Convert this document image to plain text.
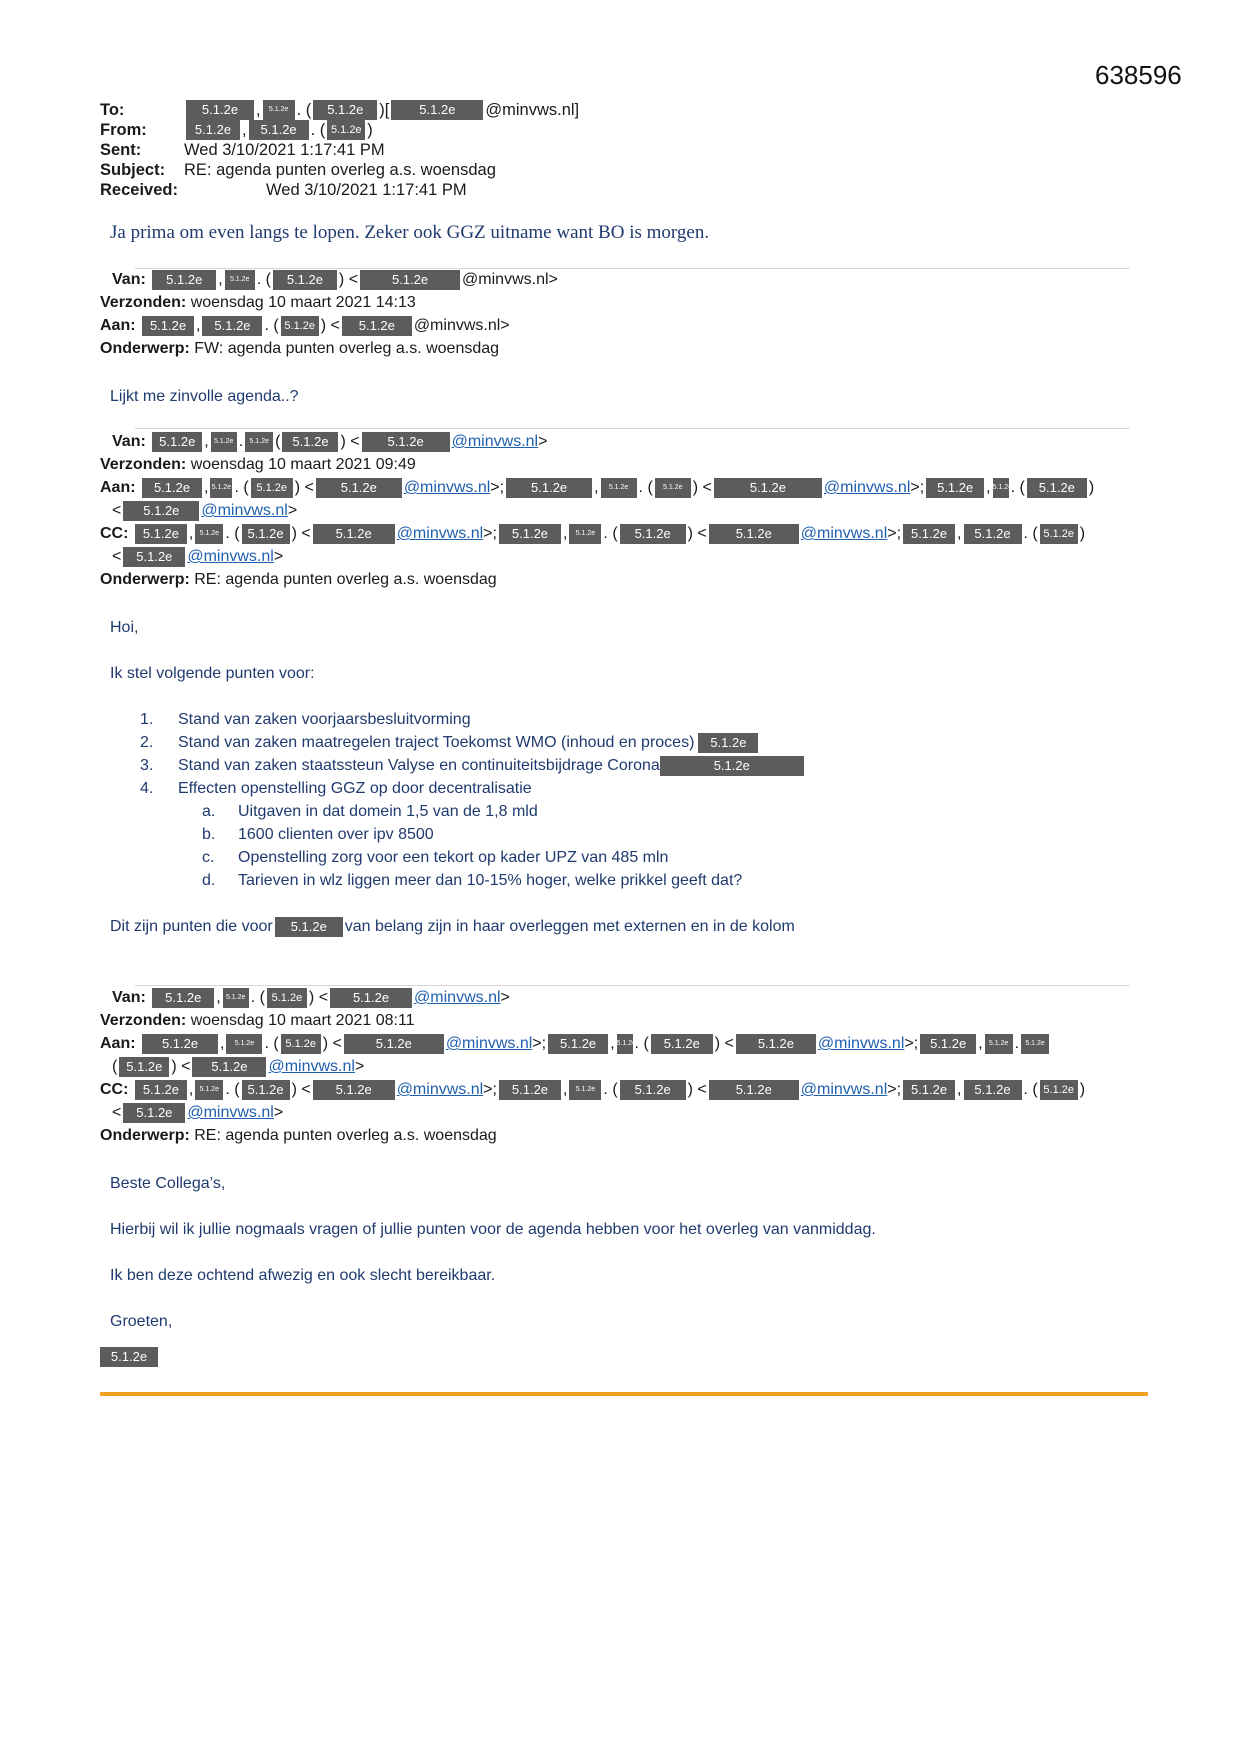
638596
To:	5.1.2e	,	5.1.2e . (	5.1.2e )[	5.1.2e	@minvws.nl]
From:	5.1.2e ,	5.1.2e . ( 5.1.2e )
Sent:	Wed 3/10/2021 1:17:41 PM
Subject:	RE: agenda punten overleg a.s. woensdag
Received:	Wed 3/10/2021 1:17:41 PM
Ja prima om even langs te lopen. Zeker ook GGZ uitname want BO is morgen.
Van:
	5.1.2e ,	5.1.2e . (	5.1.2e ) <	5.1.2e	@minvws.nl >
Verzonden:
woensdag 10 maart 2021 14:13
Aan:
	5.1.2e ,	5.1.2e . ( 5.1.2e ) <	5.1.2e	@minvws.nl >
Onderwerp:
FW: agenda punten overleg a.s. woensdag
Lijkt me zinvolle agenda..?
Van:
	5.1.2e , 5.1.2e . 5.1.2e ( 5.1.2e ) <	5.1.2e	@minvws.nl >
Verzonden:
woensdag 10 maart 2021 09:49
Aan:
	5.1.2e , 5.1.2e . ( 5.1.2e ) <	5.1.2e	@minvws.nl >;	5.1.2e	,	5.1.2e . (	5.1.2e ) <	5.1.2e	@minvws.nl >; 5.1.2e , 5.1.2e
. (	5.1.2e )
<	5.1.2e	@minvws.nl >
CC:
	5.1.2e , 5.1.2e . ( 5.1.2e ) <	5.1.2e	@minvws.nl >;	5.1.2e ,	5.1.2e . (	5.1.2e	) <	5.1.2e	@minvws.nl >; 5.1.2e , 5.1.2e . ( 5.1.2e )
<	5.1.2e @minvws.nl >
Onderwerp:
RE: agenda punten overleg a.s. woensdag
Hoi,
Ik stel volgende punten voor:
1.	Stand van zaken voorjaarsbesluitvorming
2.	Stand van zaken maatregelen traject Toekomst WMO (inhoud en proces)	5.1.2e
3.	Stand van zaken staatssteun Valyse en continuiteitsbijdrage Corona	5.1.2e
4.	Effecten openstelling GGZ op door decentralisatie
a.	Uitgaven in dat domein 1,5 van de 1,8 mld
b.	1600 clienten over ipv 8500
c.	Openstelling zorg voor een tekort op kader UPZ van 485 mln
d.	Tarieven in wlz liggen meer dan 10-15% hoger, welke prikkel geeft dat?
Dit zijn punten die voor	5.1.2e	van belang zijn in haar overleggen met externen en in de kolom
Van:
	5.1.2e , 5.1.2e . ( 5.1.2e ) <	5.1.2e	@minvws.nl >
Verzonden:
woensdag 10 maart 2021 08:11
Aan:
	5.1.2e	,	5.1.2e . ( 5.1.2e ) <	5.1.2e	@minvws.nl >;	5.1.2e , 5.1.2e
. (	5.1.2e ) <	5.1.2e	@minvws.nl >; 5.1.2e , 5.1.2e . 5.1.2e
( 5.1.2e ) <	5.1.2e	@minvws.nl >
CC:
	5.1.2e , 5.1.2e . ( 5.1.2e ) <	5.1.2e	@minvws.nl >;	5.1.2e ,	5.1.2e . (	5.1.2e	) <	5.1.2e	@minvws.nl >; 5.1.2e , 5.1.2e . ( 5.1.2e )
<	5.1.2e @minvws.nl >
Onderwerp:
RE: agenda punten overleg a.s. woensdag
Beste Collega’s,
Hierbij wil ik jullie nogmaals vragen of jullie punten voor de agenda hebben voor het overleg van vanmiddag.
Ik ben deze ochtend afwezig en ook slecht bereikbaar.
Groeten,
5.1.2e
